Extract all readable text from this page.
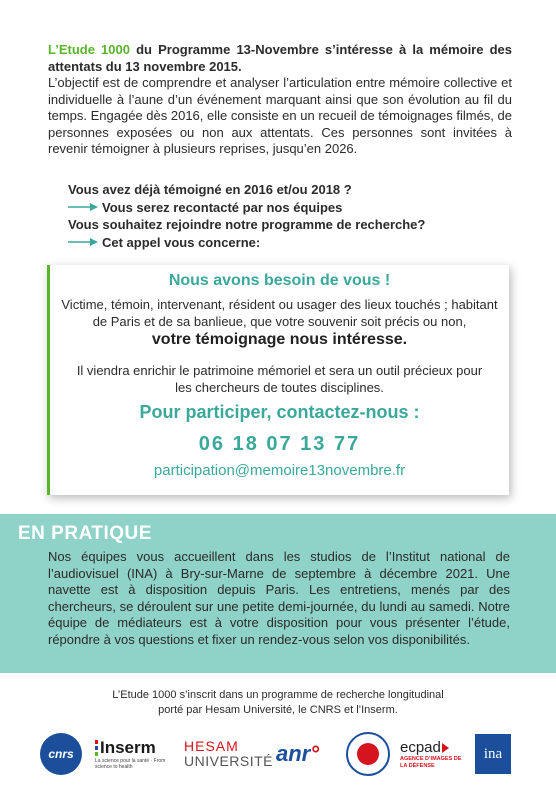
L’Etude 1000 du Programme 13-Novembre s’intéresse à la mémoire des attentats du 13 novembre 2015.
L’objectif est de comprendre et analyser l’articulation entre mémoire collective et individuelle à l’aune d’un événement marquant ainsi que son évolution au fil du temps. Engagée dès 2016, elle consiste en un recueil de témoignages filmés, de personnes exposées ou non aux attentats. Ces personnes sont invitées à revenir témoigner à plusieurs reprises, jusqu’en 2026.
Vous avez déjà témoigné en 2016 et/ou 2018 ?
Vous serez recontacté par nos équipes
Vous souhaitez rejoindre notre programme de recherche?
Cet appel vous concerne:
Nous avons besoin de vous !
Victime, témoin, intervenant, résident ou usager des lieux touchés ; habitant de Paris et de sa banlieue, que votre souvenir soit précis ou non,
votre témoignage nous intéresse.
Il viendra enrichir le patrimoine mémoriel et sera un outil précieux pour les chercheurs de toutes disciplines.
Pour participer, contactez-nous :
06 18 07 13 77
participation@memoire13novembre.fr
EN PRATIQUE
Nos équipes vous accueillent dans les studios de l’Institut national de l’audiovisuel (INA) à Bry-sur-Marne de septembre à décembre 2021. Une navette est à disposition depuis Paris. Les entretiens, menés par des chercheurs, se déroulent sur une petite demi-journée, du lundi au samedi. Notre équipe de médiateurs est à votre disposition pour vous présenter l’étude, répondre à vos questions et fixer un rendez-vous selon vos disponibilités.
L’Etude 1000 s’inscrit dans un programme de recherche longitudinal
porté par Hesam Université, le CNRS et l’Inserm.
cnrs Inserm
La science pour la santé · From science to health
HESAM
UNIVERSITÉ anr °	ecpad
AGENCE D’IMAGES DE LA DÉFENSE
ina
